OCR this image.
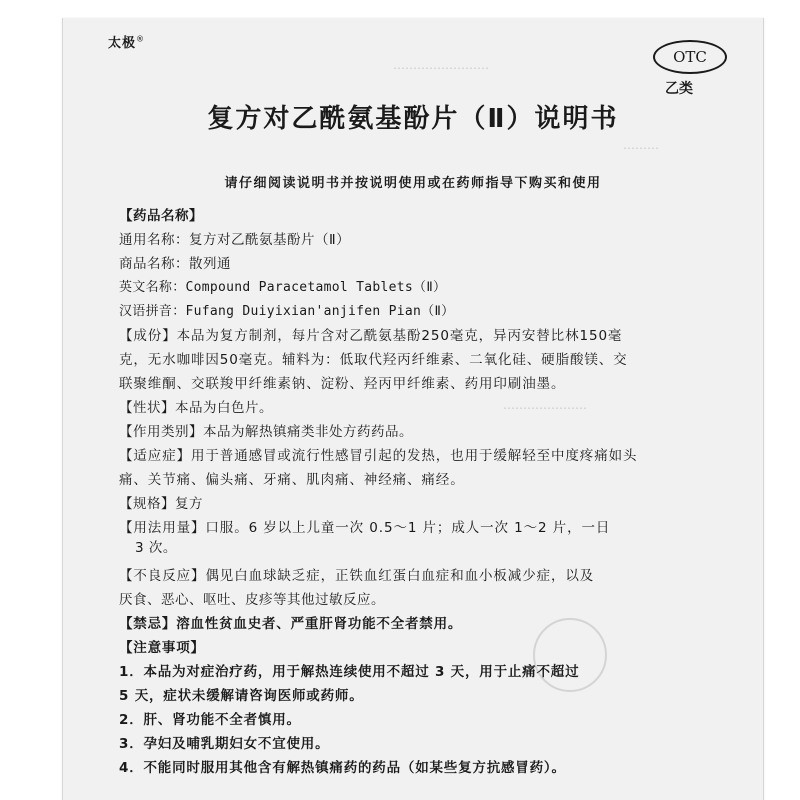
……………………
………
…………………
太极®
OTC
乙类
复方对乙酰氨基酚片（Ⅱ）说明书
请仔细阅读说明书并按说明使用或在药师指导下购买和使用
【药品名称】
通用名称：复方对乙酰氨基酚片（Ⅱ）
商品名称：散列通
英文名称：Compound Paracetamol Tablets（Ⅱ）
汉语拼音：Fufang Duiyixian'anjifen Pian（Ⅱ）
【成份】本品为复方制剂，每片含对乙酰氨基酚250毫克，异丙安替比林150毫
克，无水咖啡因50毫克。辅料为：低取代羟丙纤维素、二氧化硅、硬脂酸镁、交
联聚维酮、交联羧甲纤维素钠、淀粉、羟丙甲纤维素、药用印刷油墨。
【性状】本品为白色片。
【作用类别】本品为解热镇痛类非处方药药品。
【适应症】用于普通感冒或流行性感冒引起的发热，也用于缓解轻至中度疼痛如头
痛、关节痛、偏头痛、牙痛、肌肉痛、神经痛、痛经。
【规格】复方
【用法用量】口服。6 岁以上儿童一次 0.5～1 片；成人一次 1～2 片，一日
3 次。
【不良反应】偶见白血球缺乏症，正铁血红蛋白血症和血小板减少症，以及
厌食、恶心、呕吐、皮疹等其他过敏反应。
【禁忌】溶血性贫血史者、严重肝肾功能不全者禁用。
【注意事项】
1．本品为对症治疗药，用于解热连续使用不超过 3 天，用于止痛不超过
5 天，症状未缓解请咨询医师或药师。
2．肝、肾功能不全者慎用。
3．孕妇及哺乳期妇女不宜使用。
4．不能同时服用其他含有解热镇痛药的药品（如某些复方抗感冒药）。
